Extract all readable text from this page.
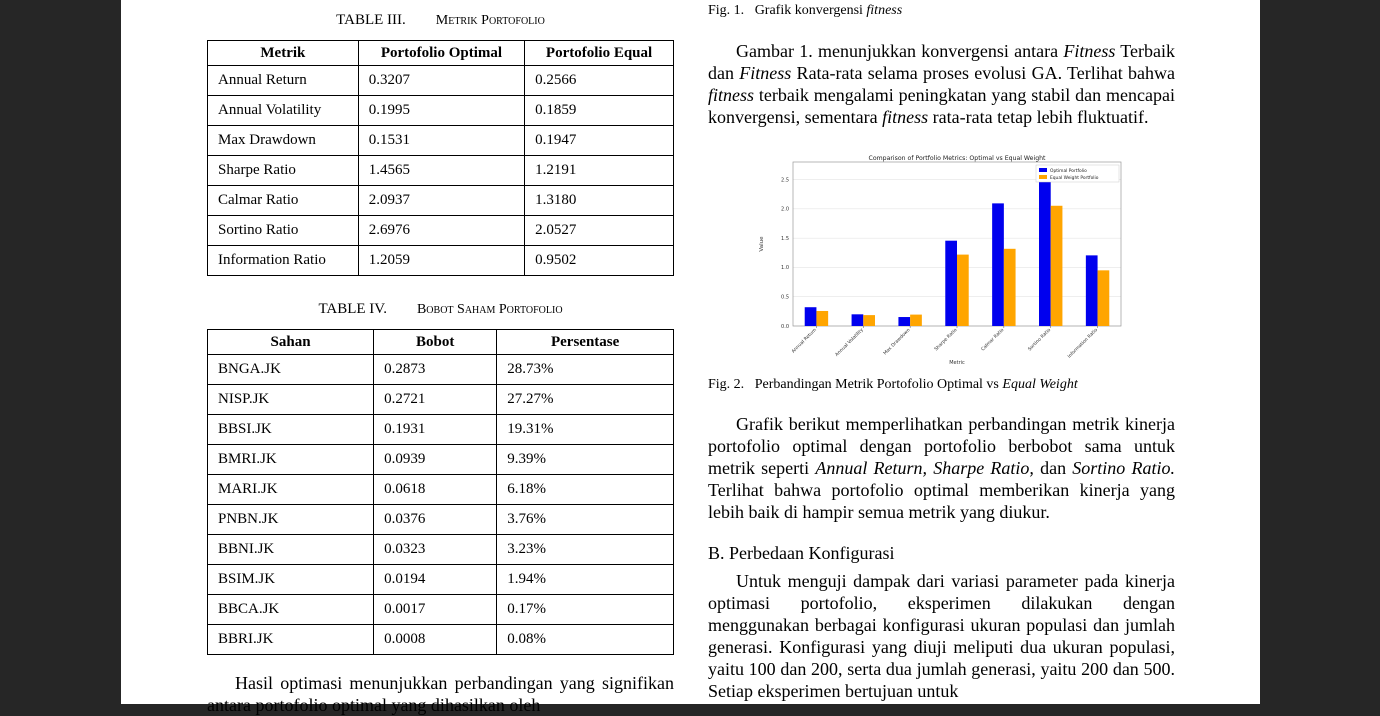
TABLE III. Metrik Portofolio
Metrik	Portofolio Optimal	Portofolio Equal
Annual Return	0.3207	0.2566
Annual Volatility	0.1995	0.1859
Max Drawdown	0.1531	0.1947
Sharpe Ratio	1.4565	1.2191
Calmar Ratio	2.0937	1.3180
Sortino Ratio	2.6976	2.0527
Information Ratio	1.2059	0.9502
TABLE IV. Bobot Saham Portofolio
Sahan	Bobot	Persentase
BNGA.JK	0.2873	28.73%
NISP.JK	0.2721	27.27%
BBSI.JK	0.1931	19.31%
BMRI.JK	0.0939	9.39%
MARI.JK	0.0618	6.18%
PNBN.JK	0.0376	3.76%
BBNI.JK	0.0323	3.23%
BSIM.JK	0.0194	1.94%
BBCA.JK	0.0017	0.17%
BBRI.JK	0.0008	0.08%

Hasil optimasi menunjukkan perbandingan yang signifikan antara portofolio optimal yang dihasilkan oleh

Fig. 1. Grafik konvergensi fitness

Gambar 1. menunjukkan konvergensi antara Fitness Terbaik dan Fitness Rata-rata selama proses evolusi GA. Terlihat bahwa fitness terbaik mengalami peningkatan yang stabil dan mencapai konvergensi, sementara fitness rata-rata tetap lebih fluktuatif.

Comparison of Portfolio Metrics: Optimal vs Equal Weight
0.0
0.5
1.0
1.5
2.0
2.5
Value
Annual Return	Annual Volatility	Max Drawdown	Sharpe Ratio	Calmar Ratio	Sortino Ratio	Information Ratio
Metric
Optimal Portfolio
Equal Weight Portfolio
Fig. 2. Perbandingan Metrik Portofolio Optimal vs Equal Weight

Grafik berikut memperlihatkan perbandingan metrik kinerja portofolio optimal dengan portofolio berbobot sama untuk metrik seperti Annual Return, Sharpe Ratio, dan Sortino Ratio. Terlihat bahwa portofolio optimal memberikan kinerja yang lebih baik di hampir semua metrik yang diukur.

B. Perbedaan Konfigurasi

Untuk menguji dampak dari variasi parameter pada kinerja optimasi portofolio, eksperimen dilakukan dengan menggunakan berbagai konfigurasi ukuran populasi dan jumlah generasi. Konfigurasi yang diuji meliputi dua ukuran populasi, yaitu 100 dan 200, serta dua jumlah generasi, yaitu 200 dan 500. Setiap eksperimen bertujuan untuk
